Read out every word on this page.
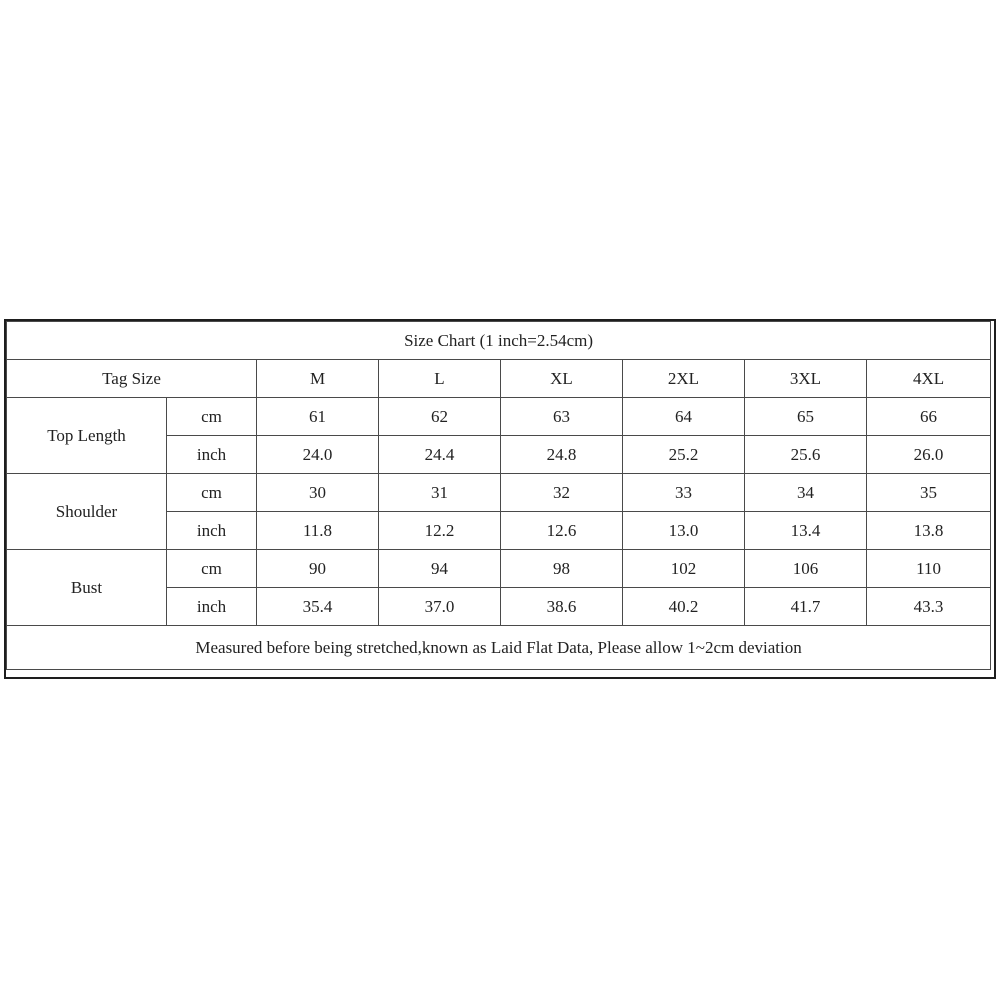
Size Chart (1 inch=2.54cm)							
Tag Size		M	L	XL	2XL	3XL	4XL
Top Length	cm	61	62	63	64	65	66
	inch	24.0	24.4	24.8	25.2	25.6	26.0
Shoulder	cm	30	31	32	33	34	35
	inch	11.8	12.2	12.6	13.0	13.4	13.8
Bust	cm	90	94	98	102	106	110
	inch	35.4	37.0	38.6	40.2	41.7	43.3
Measured before being stretched,known as Laid Flat Data, Please allow 1~2cm deviation							
